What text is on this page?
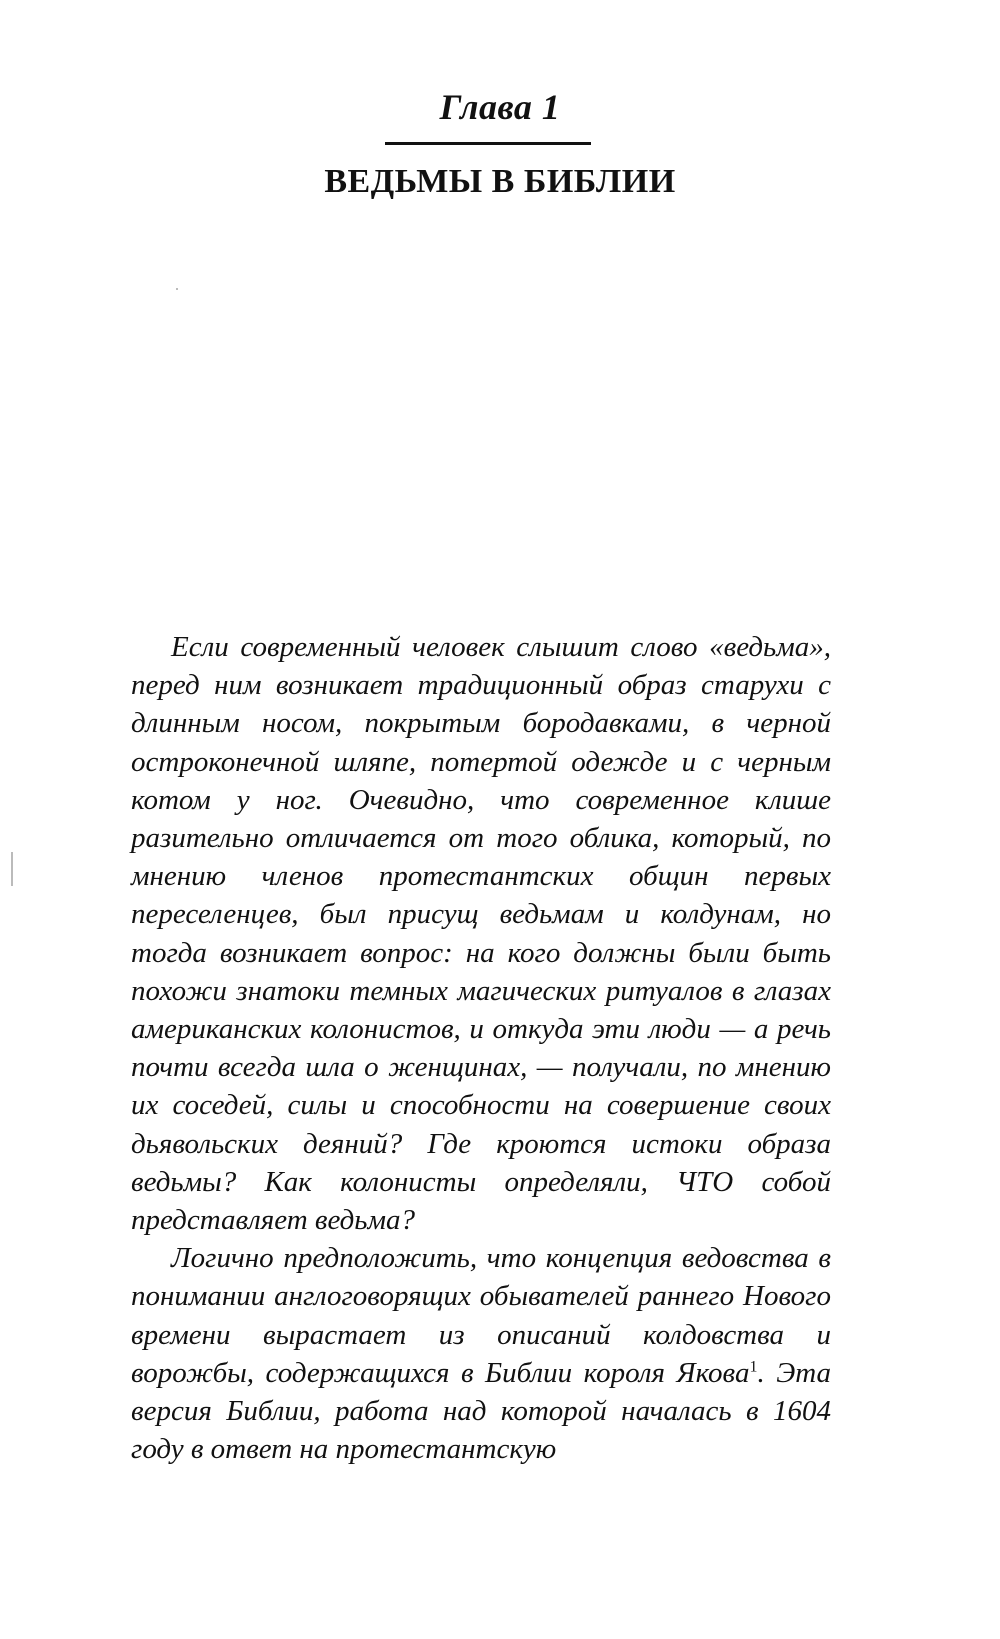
Глава 1
ВЕДЬМЫ В БИБЛИИ

Если современный человек слышит слово «ведьма», перед ним возникает традиционный образ старухи с длинным носом, покрытым бородавками, в черной остроконечной шляпе, потертой одежде и с черным котом у ног. Очевидно, что современное клише разительно отличается от того облика, который, по мнению членов протестантских общин первых переселенцев, был присущ ведьмам и колдунам, но тогда возникает вопрос: на кого должны были быть похожи знатоки темных магических ритуалов в глазах американских колонистов, и откуда эти люди — а речь почти всегда шла о женщинах, — получали, по мнению их соседей, силы и способности на совершение своих дьявольских деяний? Где кроются истоки образа ведьмы? Как колонисты определяли, ЧТО собой представляет ведьма?

Логично предположить, что концепция ведовства в понимании англоговорящих обывателей раннего Нового времени вырастает из описаний колдовства и ворожбы, содержащихся в Библии короля Якова$^1$. Эта версия Библии, работа над которой началась в 1604 году в ответ на протестантскую
